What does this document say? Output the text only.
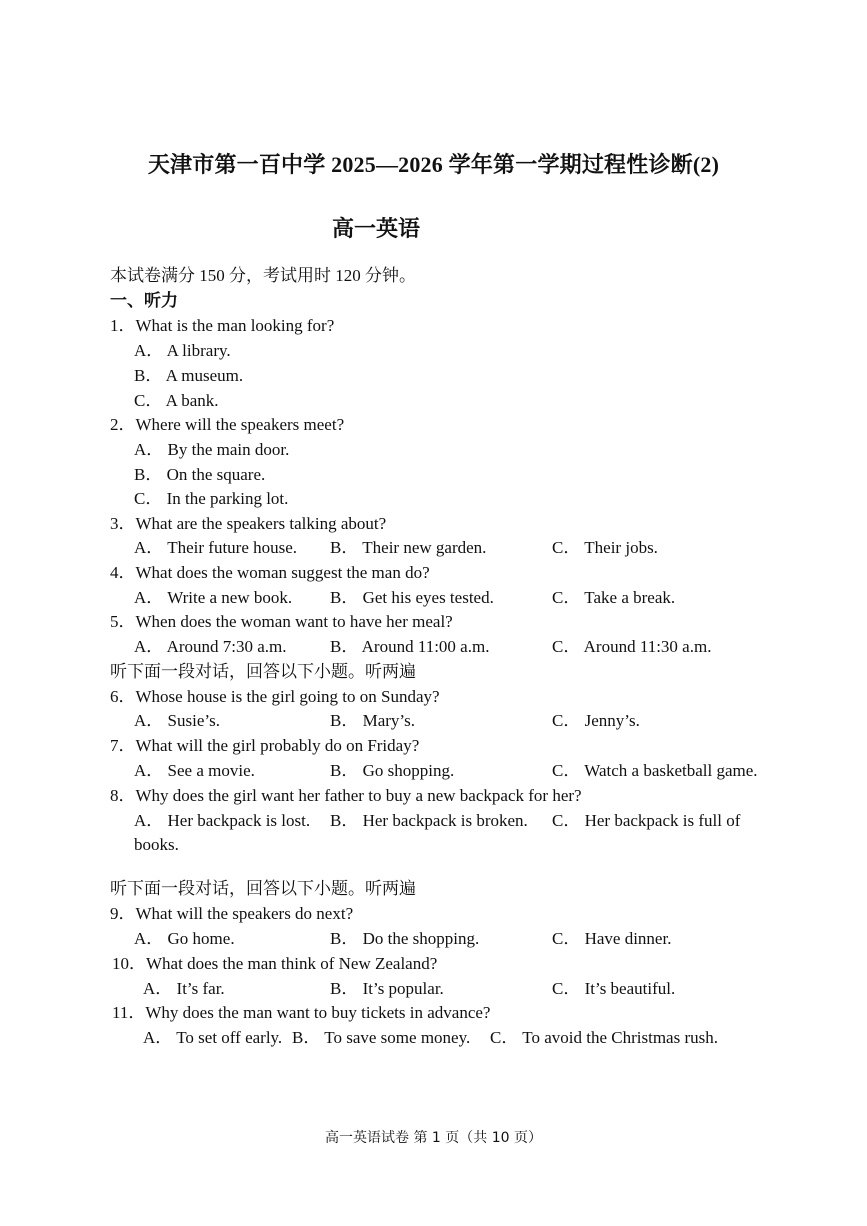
天津市第一百中学 2025—2026 学年第一学期过程性诊断(2)
高一英语
本试卷满分 150 分，考试用时 120 分钟。
一、听力
1．What is the man looking for?
A． A library.
B． A museum.
C． A bank.
2．Where will the speakers meet?
A． By the main door.
B． On the square.
C． In the parking lot.
3．What are the speakers talking about?
A． Their future house. B． Their new garden.	C． Their jobs.
4．What does the woman suggest the man do?
A． Write a new book. B． Get his eyes tested.	C． Take a break.
5．When does the woman want to have her meal?
A． Around 7:30 a.m.	B． Around 11:00 a.m.	C． Around 11:30 a.m.
听下面一段对话，回答以下小题。听两遍
6．Whose house is the girl going to on Sunday?
A． Susie’s.	B． Mary’s.	C． Jenny’s.
7．What will the girl probably do on Friday?
A． See a movie.	B． Go shopping.	C． Watch a basketball game.
8．Why does the girl want her father to buy a new backpack for her?
A． Her backpack is lost. B． Her backpack is broken. C． Her backpack is full of
books.
听下面一段对话，回答以下小题。听两遍
9．What will the speakers do next?
A． Go home.	B． Do the shopping.	C． Have dinner.
10．What does the man think of New Zealand?
A． It’s far.	B． It’s popular.	C． It’s beautiful.
11．Why does the man want to buy tickets in advance?
A． To set off early. B． To save some money. C． To avoid the Christmas rush.
高一英语试卷 第 1 页（共 10 页）
